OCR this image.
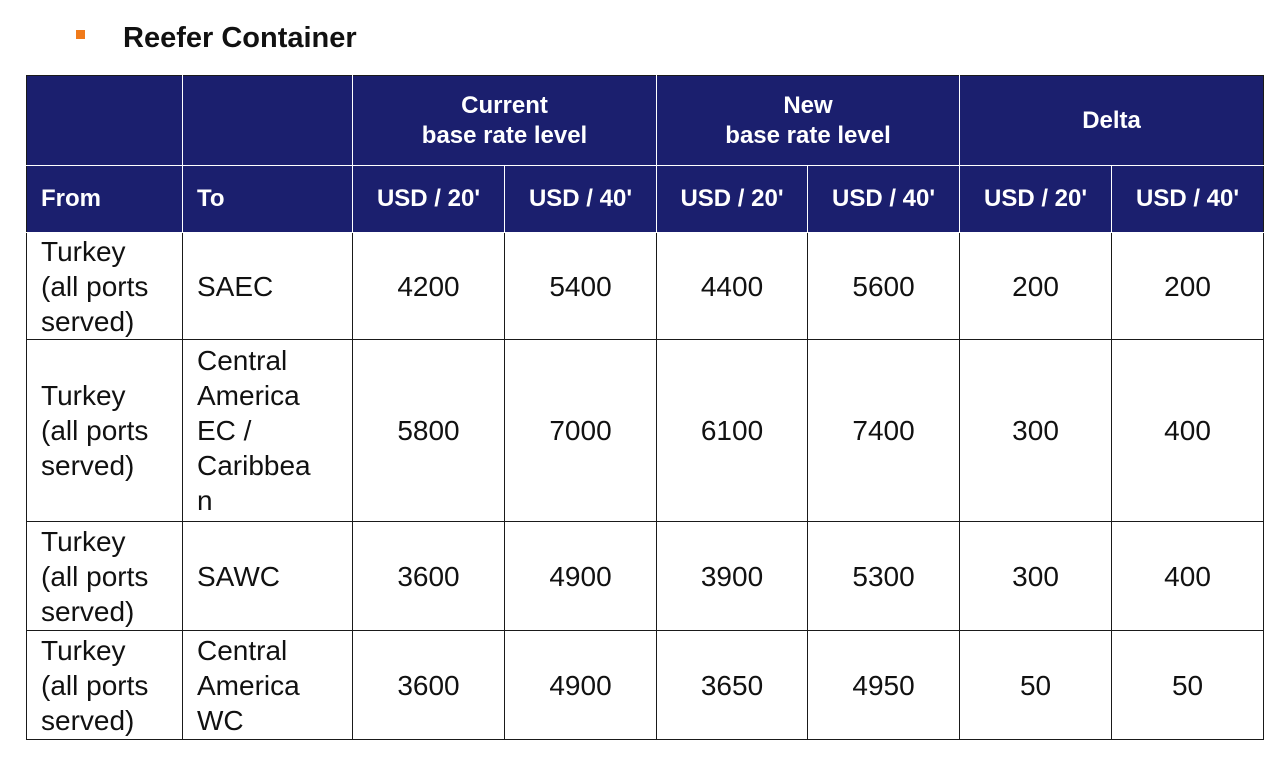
Reefer Container
		Current
base rate level		New
base rate level		Delta	
From	To	USD / 20'	USD / 40'	USD / 20'	USD / 40'	USD / 20'	USD / 40'
Turkey
(all ports
served)	SAEC	4200	5400	4400	5600	200	200
Turkey
(all ports
served)	Central
America
EC /
Caribbea
n	5800	7000	6100	7400	300	400
Turkey
(all ports
served)	SAWC	3600	4900	3900	5300	300	400
Turkey
(all ports
served)	Central
America
WC	3600	4900	3650	4950	50	50
